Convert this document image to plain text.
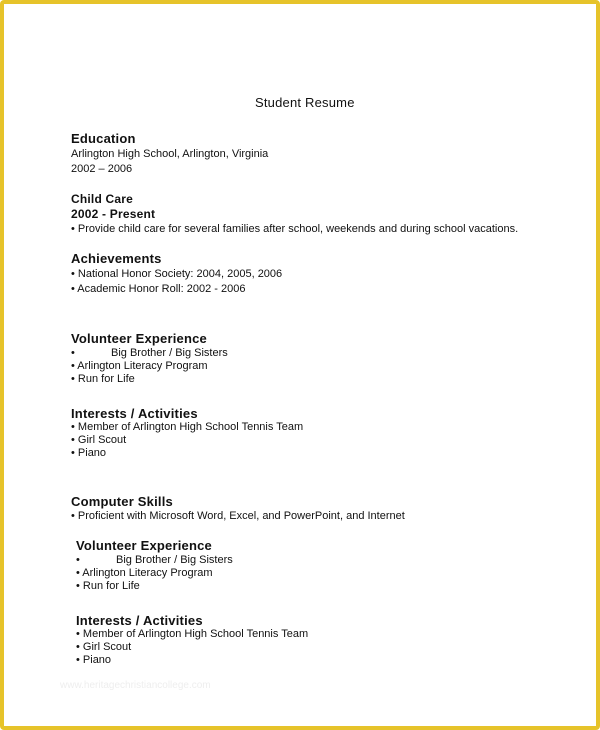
Student Resume
Education
Arlington High School, Arlington, Virginia
2002 – 2006
Child Care
2002 - Present
• Provide child care for several families after school, weekends and during school vacations.
Achievements
• National Honor Society: 2004, 2005, 2006
• Academic Honor Roll: 2002 - 2006
Volunteer Experience
•	Big Brother / Big Sisters
• Arlington Literacy Program
• Run for Life
Interests / Activities
• Member of Arlington High School Tennis Team
• Girl Scout
• Piano
Computer Skills
• Proficient with Microsoft Word, Excel, and PowerPoint, and Internet
Volunteer Experience
•	Big Brother / Big Sisters
• Arlington Literacy Program
• Run for Life
Interests / Activities
• Member of Arlington High School Tennis Team
• Girl Scout
• Piano
www.heritagechristiancollege.com
